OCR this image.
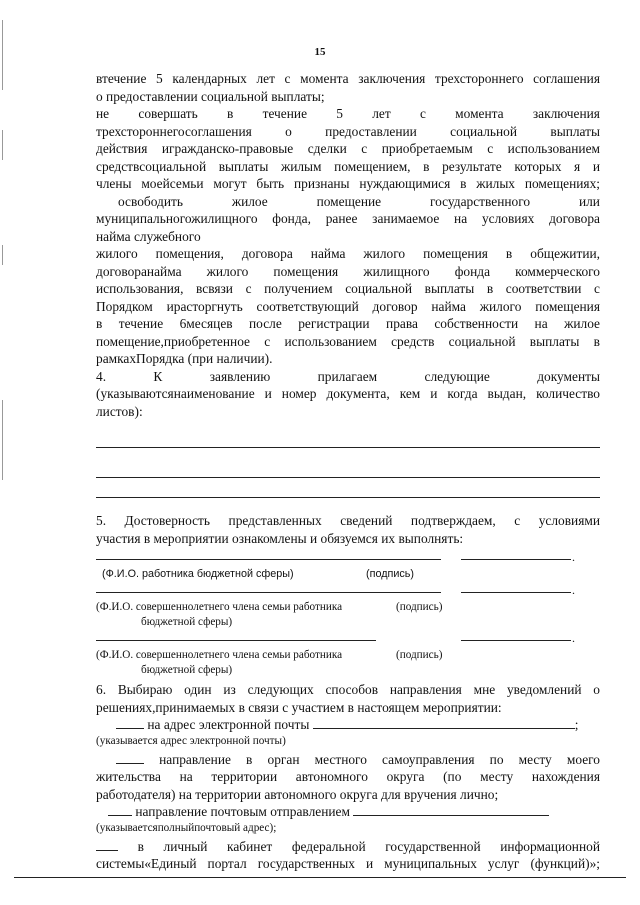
15
втечение 5 календарных лет с момента заключения трехстороннего соглашения
о предоставлении социальной выплаты;
не совершать в течение 5 лет с момента заключения
трехстороннегосоглашения о предоставлении социальной выплаты
действия игражданско-правовые сделки с приобретаемым с использованием
средствсоциальной выплаты жилым помещением, в результате которых я и
члены моейсемьи могут быть признаны нуждающимися в жилых помещениях;
освободить	жилое	помещение	государственного	или
муниципальногожилищного фонда, ранее занимаемое на условиях договора
найма служебного
жилого помещения, договора найма жилого помещения в общежитии,
договоранайма жилого помещения жилищного фонда коммерческого
использования, всвязи с получением социальной выплаты в соответствии с
Порядком ирасторгнуть соответствующий договор найма жилого помещения
в течение 6месяцев после регистрации права собственности на жилое
помещение,приобретенное с использованием средств социальной выплаты в
рамкахПорядка (при наличии).
4.	К	заявлению	прилагаем	следующие	документы
(указываютсянаименование и номер документа, кем и когда выдан, количество
листов):
5. Достоверность представленных сведений подтверждаем, с условиями
участия в мероприятии ознакомлены и обязуемся их выполнять:
.
(Ф.И.О. работника бюджетной сферы)	(подпись)
.
(Ф.И.О. совершеннолетнего члена семьи работника	(подпись)
бюджетной сферы)
.
(Ф.И.О. совершеннолетнего члена семьи работника	(подпись)
бюджетной сферы)
6. Выбираю один из следующих способов направления мне уведомлений о
решениях,принимаемых в связи с участием в настоящем мероприятии:
на адрес электронной почты	;
(указывается адрес электронной почты)
направление в орган местного самоуправления по месту моего
жительства на территории автономного округа (по месту нахождения
работодателя) на территории автономного округа для вручения лично;
направление почтовым отправлением
(указываетсяполныйпочтовый адрес);
в личный кабинет федеральной государственной информационной
системы«Единый портал государственных и муниципальных услуг (функций)»;
